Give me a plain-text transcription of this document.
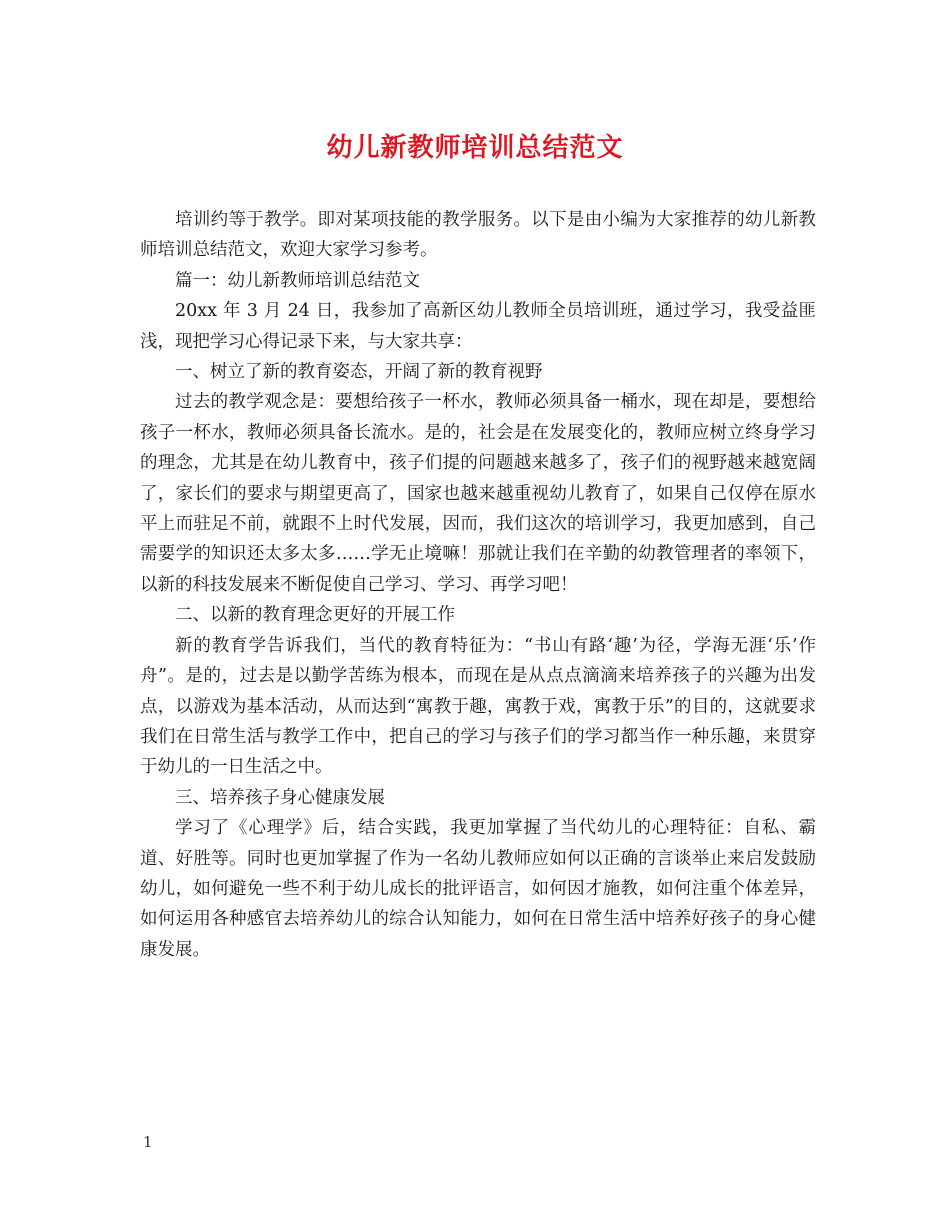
幼儿新教师培训总结范文

培训约等于教学。即对某项技能的教学服务。以下是由小编为大家推荐的幼儿新教师培训总结范文，欢迎大家学习参考。

篇一：幼儿新教师培训总结范文

20xx 年 3 月 24 日，我参加了高新区幼儿教师全员培训班，通过学习，我受益匪浅，现把学习心得记录下来，与大家共享：

一、树立了新的教育姿态，开阔了新的教育视野

过去的教学观念是：要想给孩子一杯水，教师必须具备一桶水，现在却是，要想给孩子一杯水，教师必须具备长流水。是的，社会是在发展变化的，教师应树立终身学习的理念，尤其是在幼儿教育中，孩子们提的问题越来越多了，孩子们的视野越来越宽阔了，家长们的要求与期望更高了，国家也越来越重视幼儿教育了，如果自己仅停在原水平上而驻足不前，就跟不上时代发展，因而，我们这次的培训学习，我更加感到，自己需要学的知识还太多太多……学无止境嘛！那就让我们在辛勤的幼教管理者的率领下，以新的科技发展来不断促使自己学习、学习、再学习吧！

二、以新的教育理念更好的开展工作

新的教育学告诉我们，当代的教育特征为：“书山有路‘趣’为径，学海无涯‘乐’作舟”。是的，过去是以勤学苦练为根本，而现在是从点点滴滴来培养孩子的兴趣为出发点，以游戏为基本活动，从而达到“寓教于趣，寓教于戏，寓教于乐”的目的，这就要求我们在日常生活与教学工作中，把自己的学习与孩子们的学习都当作一种乐趣，来贯穿于幼儿的一日生活之中。

三、培养孩子身心健康发展

学习了《心理学》后，结合实践，我更加掌握了当代幼儿的心理特征：自私、霸道、好胜等。同时也更加掌握了作为一名幼儿教师应如何以正确的言谈举止来启发鼓励幼儿，如何避免一些不利于幼儿成长的批评语言，如何因才施教，如何注重个体差异，如何运用各种感官去培养幼儿的综合认知能力，如何在日常生活中培养好孩子的身心健康发展。

1
